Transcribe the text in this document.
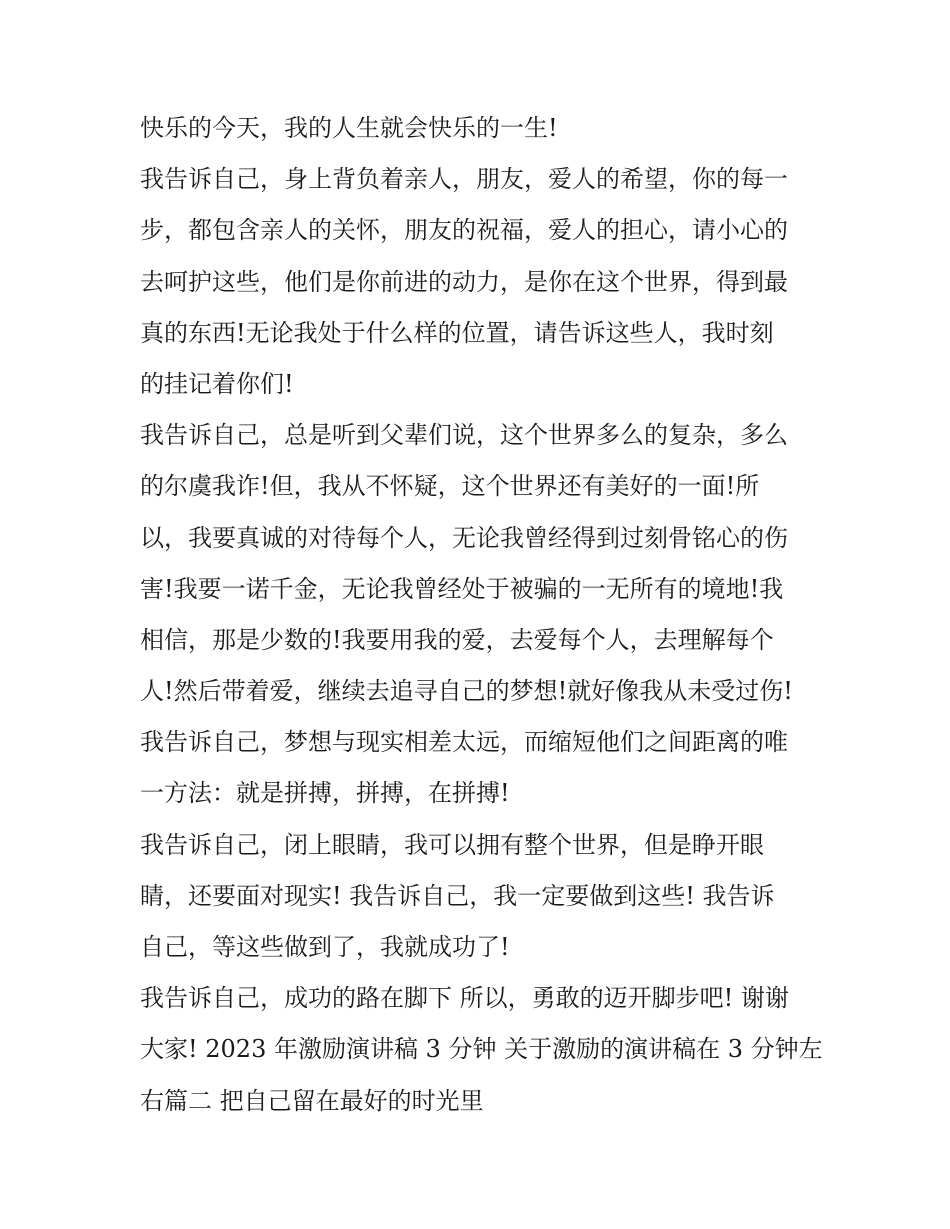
快乐的今天，我的人生就会快乐的一生!
我告诉自己，身上背负着亲人，朋友，爱人的希望，你的每一
步，都包含亲人的关怀，朋友的祝福，爱人的担心，请小心的
去呵护这些，他们是你前进的动力，是你在这个世界，得到最
真的东西!无论我处于什么样的位置，请告诉这些人，我时刻
的挂记着你们!
我告诉自己，总是听到父辈们说，这个世界多么的复杂，多么
的尔虞我诈!但，我从不怀疑，这个世界还有美好的一面!所
以，我要真诚的对待每个人，无论我曾经得到过刻骨铭心的伤
害!我要一诺千金，无论我曾经处于被骗的一无所有的境地!我
相信，那是少数的!我要用我的爱，去爱每个人，去理解每个
人!然后带着爱，继续去追寻自己的梦想!就好像我从未受过伤!
我告诉自己，梦想与现实相差太远，而缩短他们之间距离的唯
一方法：就是拼搏，拼搏，在拼搏!
我告诉自己，闭上眼睛，我可以拥有整个世界，但是睁开眼
睛，还要面对现实! 我告诉自己，我一定要做到这些! 我告诉
自己，等这些做到了，我就成功了!
我告诉自己，成功的路在脚下 所以，勇敢的迈开脚步吧! 谢谢
大家! 2023 年激励演讲稿 3 分钟 关于激励的演讲稿在 3 分钟左
右篇二 把自己留在最好的时光里
